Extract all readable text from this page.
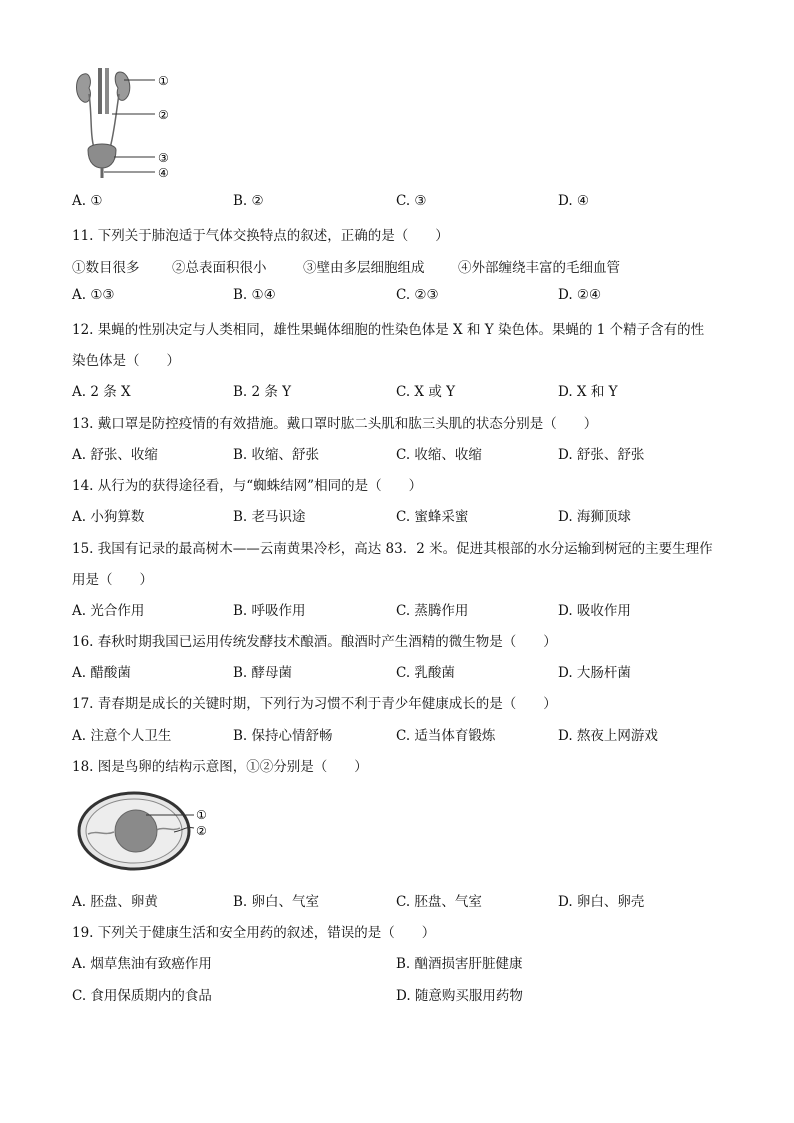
①
②
③
④
A. ①	B. ②	C. ③	D. ④
11. 下列关于肺泡适于气体交换特点的叙述，正确的是（　　）
①数目很多 ②总表面积很小	③壁由多层细胞组成 ④外部缠绕丰富的毛细血管
A. ①③	B. ①④	C. ②③	D. ②④
12. 果蝇的性别决定与人类相同，雄性果蝇体细胞的性染色体是 X 和 Y 染色体。果蝇的 1 个精子含有的性
染色体是（　　）
A. 2 条 X	B. 2 条 Y	C. X 或 Y	D. X 和 Y
13. 戴口罩是防控疫情的有效措施。戴口罩时肱二头肌和肱三头肌的状态分别是（　　）
A. 舒张、收缩	B. 收缩、舒张	C. 收缩、收缩	D. 舒张、舒张
14. 从行为的获得途径看，与“蜘蛛结网”相同的是（　　）
A. 小狗算数	B. 老马识途	C. 蜜蜂采蜜	D. 海狮顶球
15. 我国有记录的最高树木——云南黄果冷杉，高达 83．2 米。促进其根部的水分运输到树冠的主要生理作
用是（　　）
A. 光合作用	B. 呼吸作用	C. 蒸腾作用	D. 吸收作用
16. 春秋时期我国已运用传统发酵技术酿酒。酿酒时产生酒精的微生物是（　　）
A. 醋酸菌	B. 酵母菌	C. 乳酸菌	D. 大肠杆菌
17. 青春期是成长的关键时期，下列行为习惯不利于青少年健康成长的是（　　）
A. 注意个人卫生	B. 保持心情舒畅	C. 适当体育锻炼	D. 熬夜上网游戏
18. 图是鸟卵的结构示意图，①②分别是（　　）
①
②
A. 胚盘、卵黄	B. 卵白、气室	C. 胚盘、气室	D. 卵白、卵壳
19. 下列关于健康生活和安全用药的叙述，错误的是（　　）
A. 烟草焦油有致癌作用	B. 酗酒损害肝脏健康
C. 食用保质期内的食品	D. 随意购买服用药物
